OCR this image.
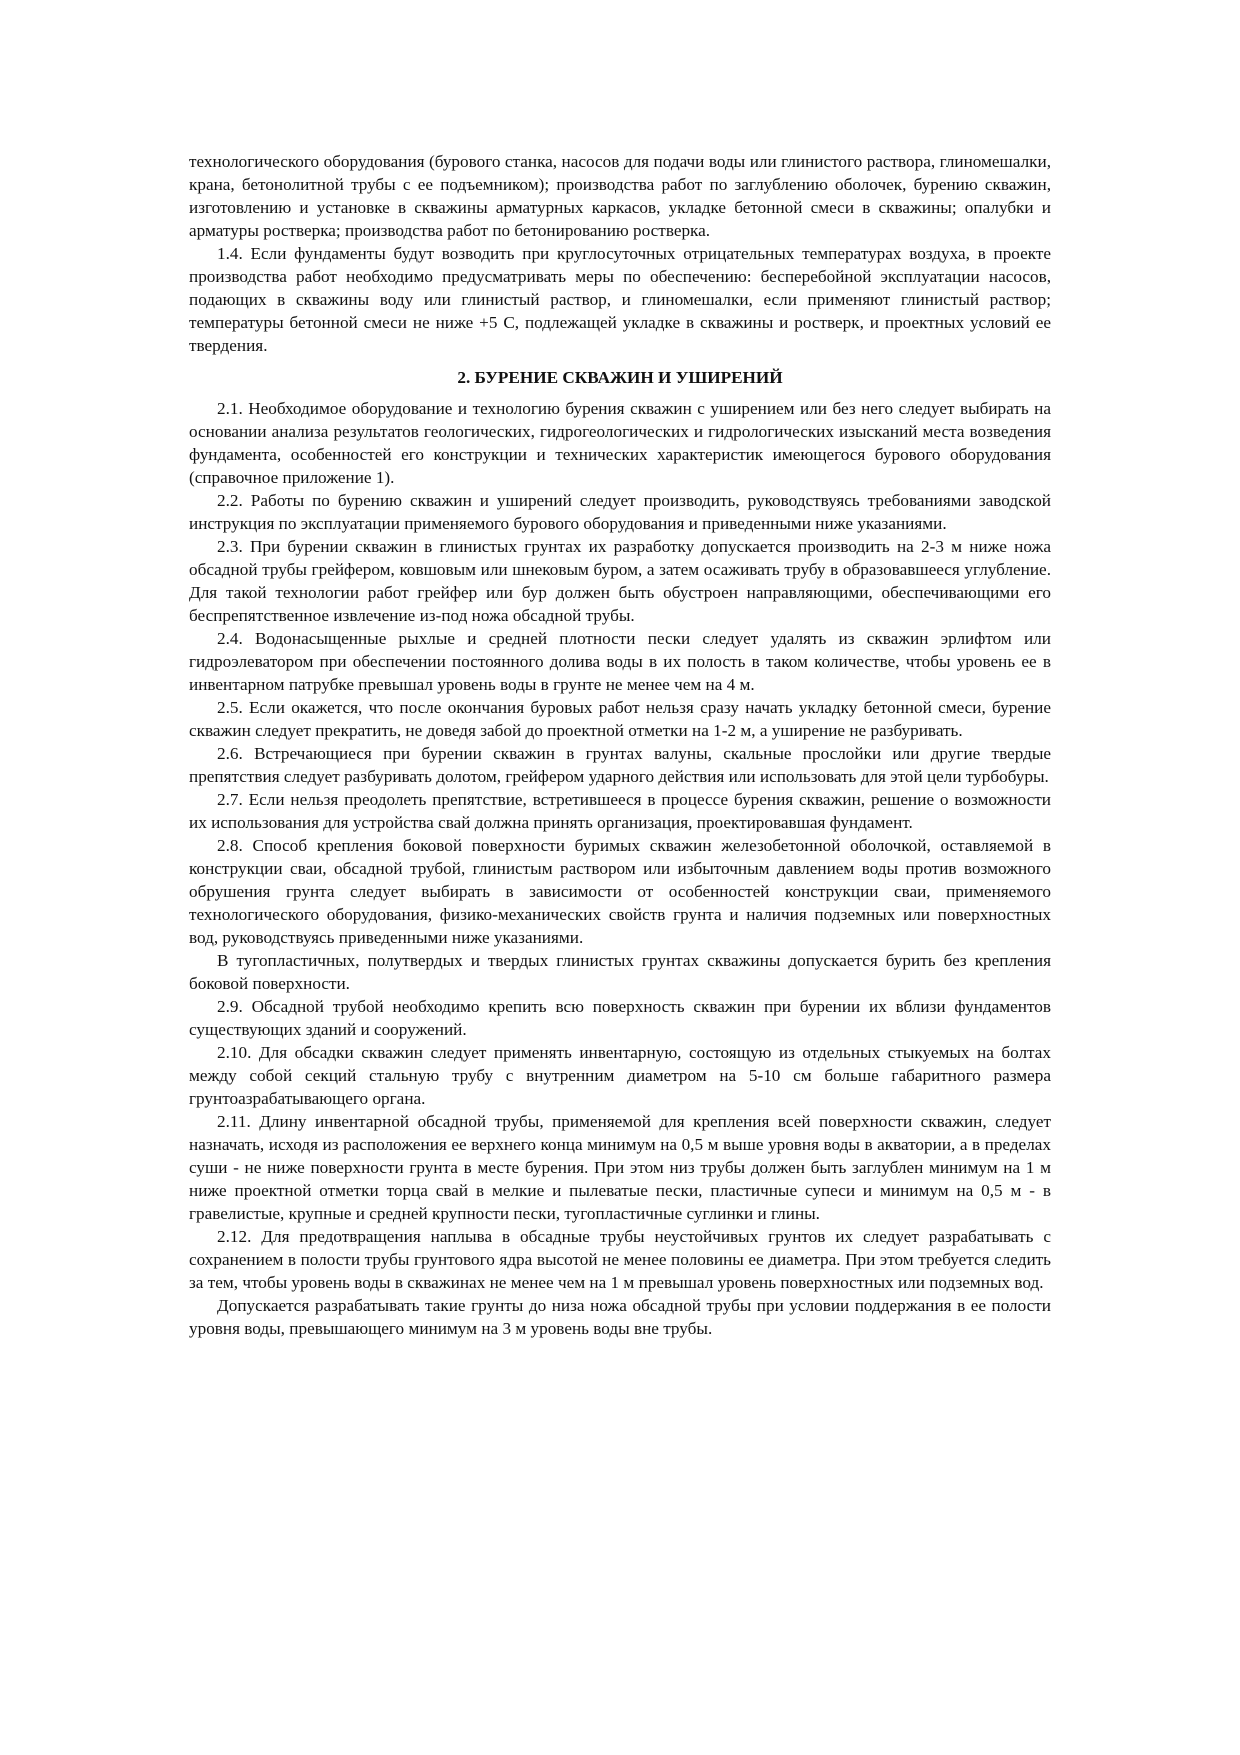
технологического оборудования (бурового станка, насосов для подачи воды или глинистого раствора, глиномешалки, крана, бетонолитной трубы с ее подъемником); производства работ по заглублению оболочек, бурению скважин, изготовлению и установке в скважины арматурных каркасов, укладке бетонной смеси в скважины; опалубки и арматуры ростверка; производства работ по бетонированию ростверка.

1.4. Если фундаменты будут возводить при круглосуточных отрицательных температурах воздуха, в проекте производства работ необходимо предусматривать меры по обеспечению: бесперебойной эксплуатации насосов, подающих в скважины воду или глинистый раствор, и глиномешалки, если применяют глинистый раствор; температуры бетонной смеси не ниже +5 С, подлежащей укладке в скважины и ростверк, и проектных условий ее твердения.

2. БУРЕНИЕ СКВАЖИН И УШИРЕНИЙ

2.1. Необходимое оборудование и технологию бурения скважин с уширением или без него следует выбирать на основании анализа результатов геологических, гидрогеологических и гидрологических изысканий места возведения фундамента, особенностей его конструкции и технических характеристик имеющегося бурового оборудования (справочное приложение 1).

2.2. Работы по бурению скважин и уширений следует производить, руководствуясь требованиями заводской инструкция по эксплуатации применяемого бурового оборудования и приведенными ниже указаниями.

2.3. При бурении скважин в глинистых грунтах их разработку допускается производить на 2-3 м ниже ножа обсадной трубы грейфером, ковшовым или шнековым буром, а затем осаживать трубу в образовавшееся углубление. Для такой технологии работ грейфер или бур должен быть обустроен направляющими, обеспечивающими его беспрепятственное извлечение из-под ножа обсадной трубы.

2.4. Водонасыщенные рыхлые и средней плотности пески следует удалять из скважин эрлифтом или гидроэлеватором при обеспечении постоянного долива воды в их полость в таком количестве, чтобы уровень ее в инвентарном патрубке превышал уровень воды в грунте не менее чем на 4 м.

2.5. Если окажется, что после окончания буровых работ нельзя сразу начать укладку бетонной смеси, бурение скважин следует прекратить, не доведя забой до проектной отметки на 1-2 м, а уширение не разбуривать.

2.6. Встречающиеся при бурении скважин в грунтах валуны, скальные прослойки или другие твердые препятствия следует разбуривать долотом, грейфером ударного действия или использовать для этой цели турбобуры.

2.7. Если нельзя преодолеть препятствие, встретившееся в процессе бурения скважин, решение о возможности их использования для устройства свай должна принять организация, проектировавшая фундамент.

2.8. Способ крепления боковой поверхности буримых скважин железобетонной оболочкой, оставляемой в конструкции сваи, обсадной трубой, глинистым раствором или избыточным давлением воды против возможного обрушения грунта следует выбирать в зависимости от особенностей конструкции сваи, применяемого технологического оборудования, физико-механических свойств грунта и наличия подземных или поверхностных вод, руководствуясь приведенными ниже указаниями.

В тугопластичных, полутвердых и твердых глинистых грунтах скважины допускается бурить без крепления боковой поверхности.

2.9. Обсадной трубой необходимо крепить всю поверхность скважин при бурении их вблизи фундаментов существующих зданий и сооружений.

2.10. Для обсадки скважин следует применять инвентарную, состоящую из отдельных стыкуемых на болтах между собой секций стальную трубу с внутренним диаметром на 5-10 см больше габаритного размера грунтоазрабатывающего органа.

2.11. Длину инвентарной обсадной трубы, применяемой для крепления всей поверхности скважин, следует назначать, исходя из расположения ее верхнего конца минимум на 0,5 м выше уровня воды в акватории, а в пределах суши - не ниже поверхности грунта в месте бурения. При этом низ трубы должен быть заглублен минимум на 1 м ниже проектной отметки торца свай в мелкие и пылеватые пески, пластичные супеси и минимум на 0,5 м - в гравелистые, крупные и средней крупности пески, тугопластичные суглинки и глины.

2.12. Для предотвращения наплыва в обсадные трубы неустойчивых грунтов их следует разрабатывать с сохранением в полости трубы грунтового ядра высотой не менее половины ее диаметра. При этом требуется следить за тем, чтобы уровень воды в скважинах не менее чем на 1 м превышал уровень поверхностных или подземных вод.

Допускается разрабатывать такие грунты до низа ножа обсадной трубы при условии поддержания в ее полости уровня воды, превышающего минимум на 3 м уровень воды вне трубы.
